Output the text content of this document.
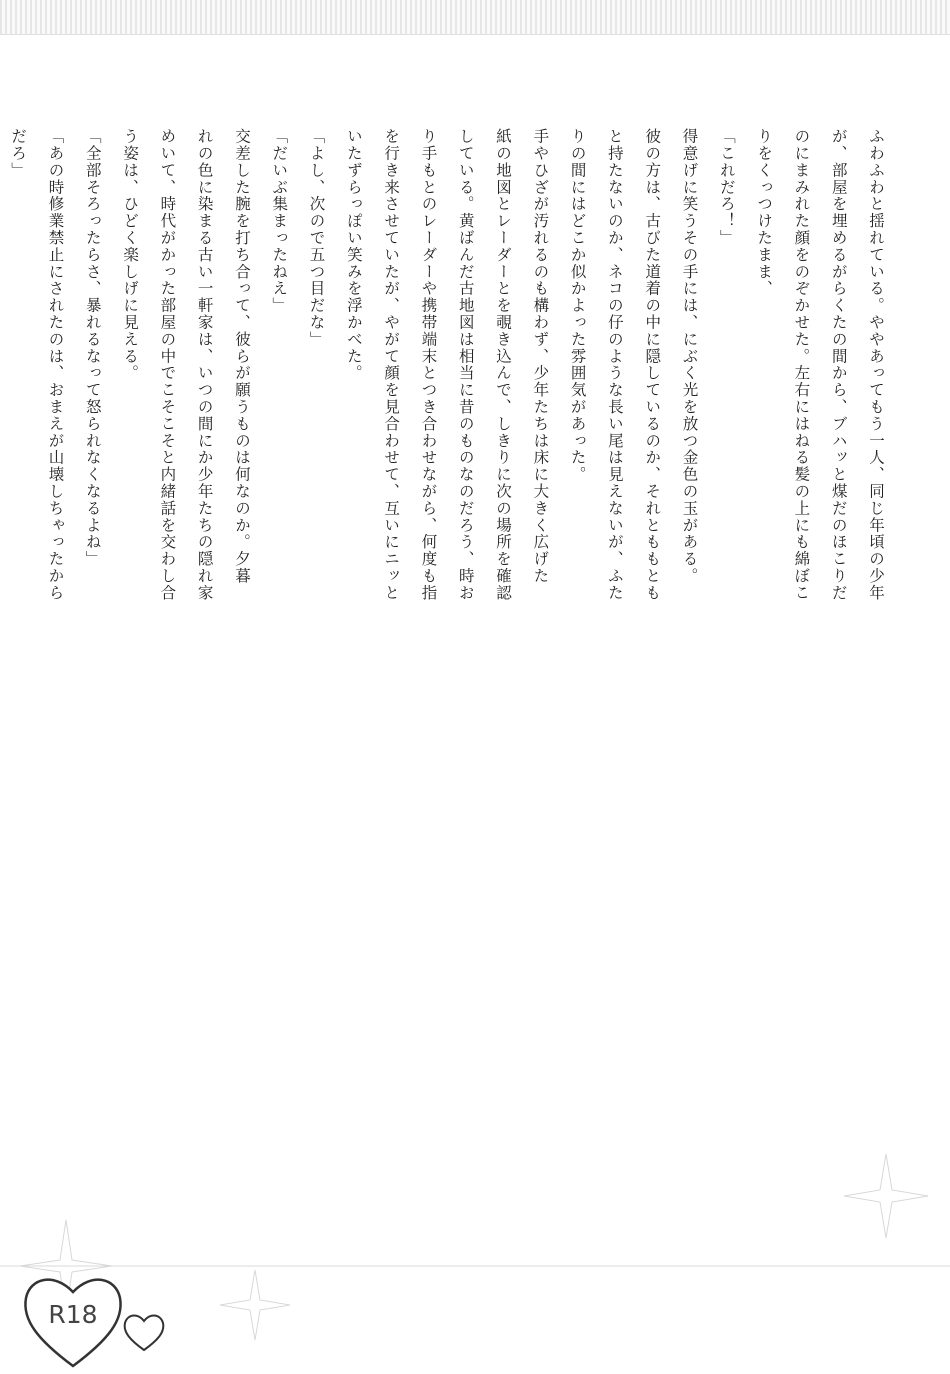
ふわふわと揺れている。ややあってもう一人、同じ年頃の少年
が、部屋を埋めるがらくたの間から、ブハッと煤だのほこりだ
のにまみれた顔をのぞかせた。左右にはねる髪の上にも綿ぼこ
りをくっつけたまま、
「これだろ！」
得意げに笑うその手には、にぶく光を放つ金色の玉がある。
彼の方は、古びた道着の中に隠しているのか、それとももとも
と持たないのか、ネコの仔のような長い尾は見えないが、ふた
りの間にはどこか似かよった雰囲気があった。
手やひざが汚れるのも構わず、少年たちは床に大きく広げた
紙の地図とレーダーとを覗き込んで、しきりに次の場所を確認
している。黄ばんだ古地図は相当に昔のものなのだろう、時お
り手もとのレーダーや携帯端末とつき合わせながら、何度も指
を行き来させていたが、やがて顔を見合わせて、互いにニッと
いたずらっぽい笑みを浮かべた。
「よし、次ので五つ目だな」
「だいぶ集まったねえ」
交差した腕を打ち合って、彼らが願うものは何なのか。夕暮
れの色に染まる古い一軒家は、いつの間にか少年たちの隠れ家
めいて、時代がかった部屋の中でこそこそと内緒話を交わし合
う姿は、ひどく楽しげに見える。
「全部そろったらさ、暴れるなって怒られなくなるよね」
「あの時修業禁止にされたのは、おまえが山壊しちゃったから
だろ」
R18
